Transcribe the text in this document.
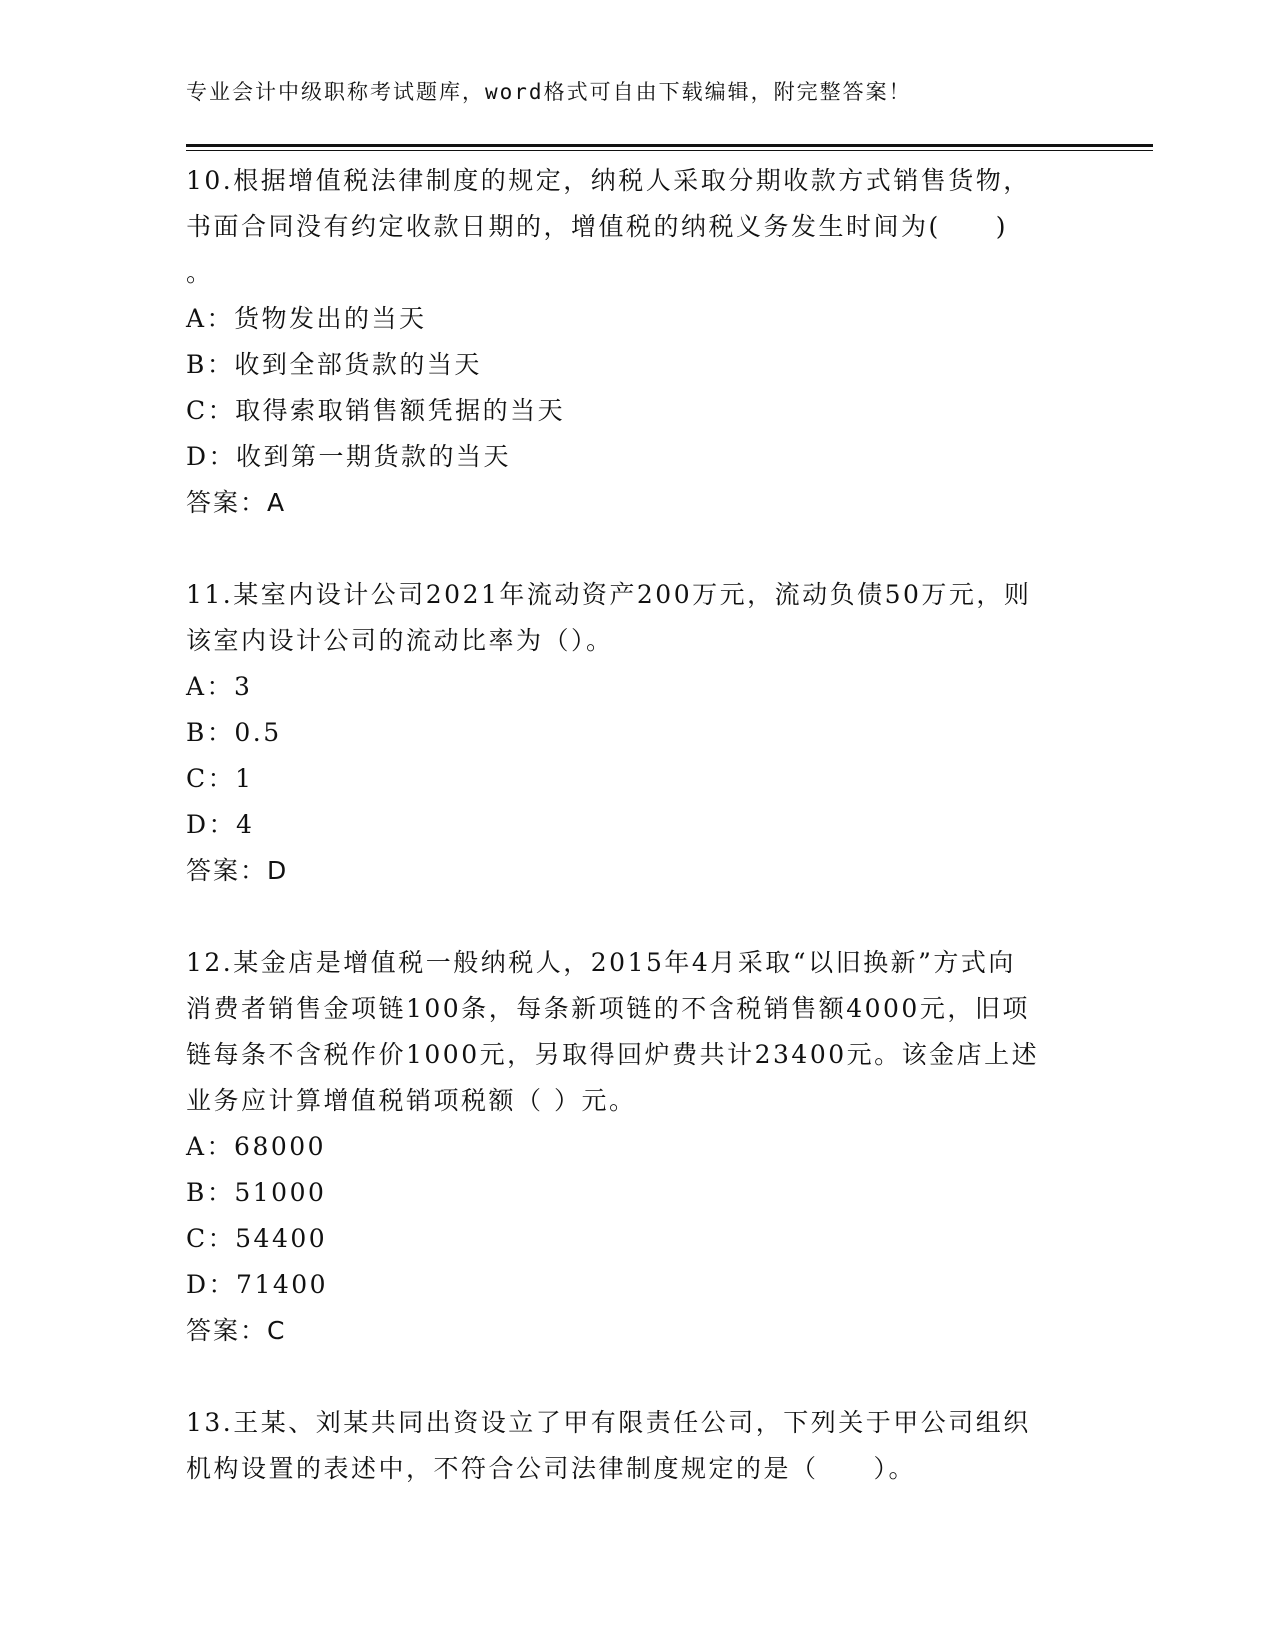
专业会计中级职称考试题库，word格式可自由下载编辑，附完整答案！
10.根据增值税法律制度的规定，纳税人采取分期收款方式销售货物，
书面合同没有约定收款日期的，增值税的纳税义务发生时间为(　　)
。
A：货物发出的当天
B：收到全部货款的当天
C：取得索取销售额凭据的当天
D：收到第一期货款的当天
答案：A
11.某室内设计公司2021年流动资产200万元，流动负债50万元，则
该室内设计公司的流动比率为（）。
A：3
B：0.5
C：1
D：4
答案：D
12.某金店是增值税一般纳税人，2015年4月采取“以旧换新”方式向
消费者销售金项链100条，每条新项链的不含税销售额4000元，旧项
链每条不含税作价1000元，另取得回炉费共计23400元。该金店上述
业务应计算增值税销项税额（ ）元。
A：68000
B：51000
C：54400
D：71400
答案：C
13.王某、刘某共同出资设立了甲有限责任公司，下列关于甲公司组织
机构设置的表述中，不符合公司法律制度规定的是（　　）。
